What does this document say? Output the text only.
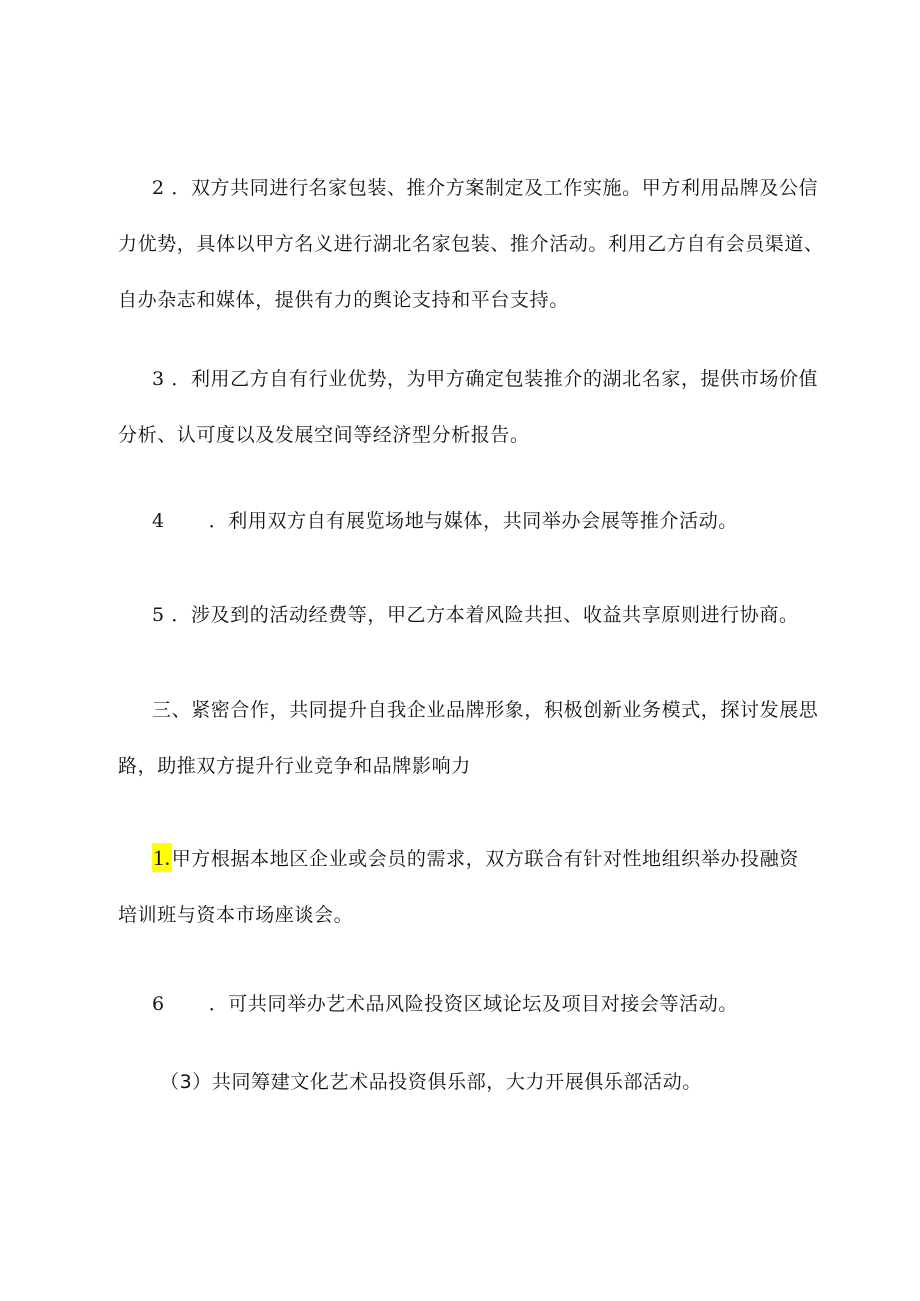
2 ．双方共同进行名家包装、推介方案制定及工作实施。甲方利用品牌及公信
力优势，具体以甲方名义进行湖北名家包装、推介活动。利用乙方自有会员渠道、
自办杂志和媒体，提供有力的舆论支持和平台支持。
3 ．利用乙方自有行业优势，为甲方确定包装推介的湖北名家，提供市场价值
分析、认可度以及发展空间等经济型分析报告。
4 ．利用双方自有展览场地与媒体，共同举办会展等推介活动。
5 ．涉及到的活动经费等，甲乙方本着风险共担、收益共享原则进行协商。
三、紧密合作，共同提升自我企业品牌形象，积极创新业务模式，探讨发展思
路，助推双方提升行业竞争和品牌影响力
1.甲方根据本地区企业或会员的需求，双方联合有针对性地组织举办投融资
培训班与资本市场座谈会。
6 ．可共同举办艺术品风险投资区域论坛及项目对接会等活动。
（3）共同筹建文化艺术品投资俱乐部，大力开展俱乐部活动。
